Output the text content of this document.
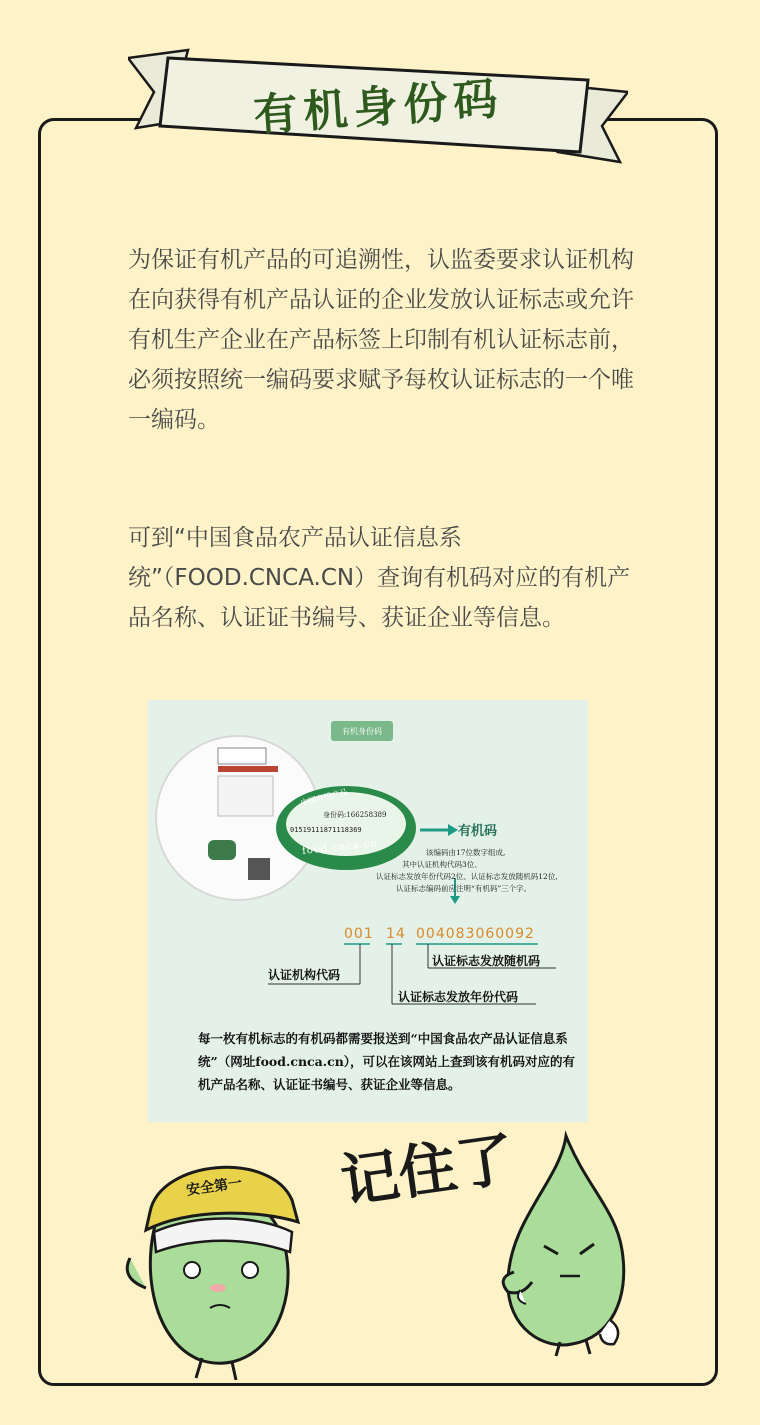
有机身份码

为保证有机产品的可追溯性，认监委要求认证机构在向获得有机产品认证的企业发放认证标志或允许有机生产企业在产品标签上印制有机认证标志前，必须按照统一编码要求赋予每枚认证标志的一个唯一编码。

可到“中国食品农产品认证信息系统”（FOOD.CNCA.CN）查询有机码对应的有机产品名称、认证证书编号、获证企业等信息。

有机身份码
中国有机产品
身份码:166258389
01519111871118369
food.cnca.cn
有机码
该编码由17位数字组成,
其中认证机构代码3位、
认证标志发放年份代码2位、认证标志发放随机码12位,
认证标志编码前应注明“有机码”三个字。
001 14 004083060092
认证标志发放随机码
认证机构代码
认证标志发放年份代码

每一枚有机标志的有机码都需要报送到“中国食品农产品认证信息系统”（网址food.cnca.cn），可以在该网站上查到该有机码对应的有机产品名称、认证证书编号、获证企业等信息。

安全第一 记住了
